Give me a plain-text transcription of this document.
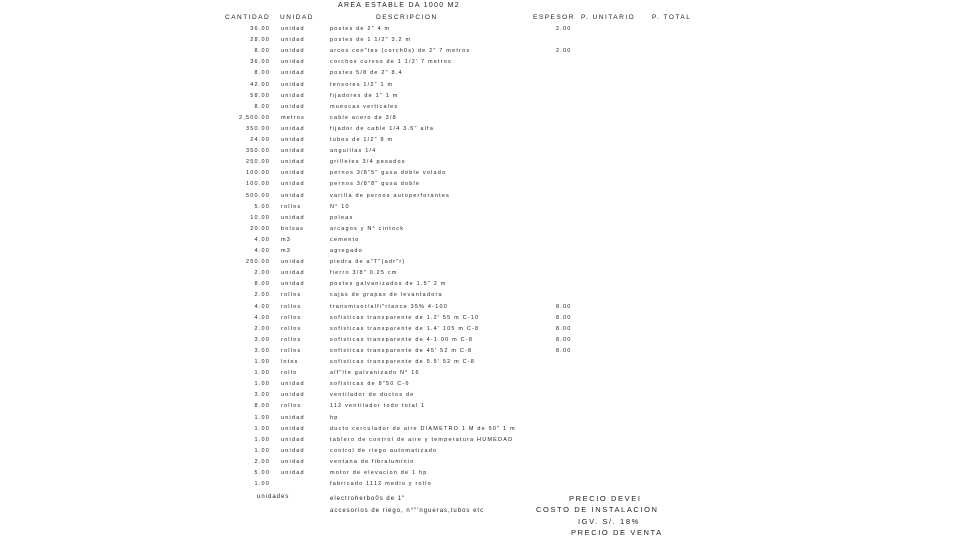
AREA ESTABLE DA 1000 M2
CANTIDAD UNIDAD	DESCRIPCION	ESPESOR P. UNITARIO	P. TOTAL
36.00 unidad	postes de 2" 4 m	2.00
28.00 unidad	postes de 1 1/2" 3.2 m
8.00 unidad	arcos cen"tes (corch0s) de 2" 7 metros	2.00
36.00 unidad	corchos curvos de 1 1/2' 7 metros
8.00 unidad	postes 5/8 de 2" 8.4
42.00 unidad	tensores 1/2" 1 m
58.00 unidad	fijadores de 1" 1 m
8.00 unidad	muescas verticales
2,500.00 metros	cable acero de 3/8
350.00 unidad	fijador de cable 1/4 3.5" alfa
24.00 unidad	tubos de 1/2" 8 m
350.00 unidad	anguillas 1/4
250.00 unidad	grilletes 3/4 pesados
100.00 unidad	pernos 3/8"5" gusa doble volado
100.00 unidad	pernos 3/8"8" gusa doble
500.00 unidad	varilla de pernos autoperforantes
5.00 rollos	N° 10
10.00 unidad	poleas
20.00 bolsas	arcagos y N° cintock
4.00 m3	cemento
4.00 m3	agregado
250.00 unidad	piedra de a"T"(adr"r)
2.00 unidad	fierro 3/8" 0.25 cm
8.00 unidad	postes galvanizados de 1.5" 2 m
2.00 rollos	cajas de grapas de levantadora
4.00 rollos	transmisor/alfi"rtance 35% 4-100	8.00
4.00 rollos	sofisticas transparente de 1.2' 55 m C-10	8.00
2.00 rollos	sofisticas transparente de 1.4' 105 m C-8	8.00
3.00 rollos	sofisticas transparente de 4-1.00 m C-8	8.00
3.00 rollos	sofisticas transparente de 45' 52 m C-8	8.00
1.00 lotes	sofisticas transparente de 5.5' 52 m C-8
1.00 rollo	alf"lte galvanizado N° 16
1.00 unidad	sofisticas de 8"50 C-6
3.00 unidad	ventilador de ductos de
8.00 rollos	112 ventilador todo total 1
1.00 unidad	hp
1.00 unidad	ducto cerculador de aire DIAMETRO 1 M de 50" 1 m
1.00 unidad	tablero de control de aire y temperatura HUMEDAD
1.00 unidad	control de riego automatizado
2.00 unidad	ventana de fibraluminio
5.00 unidad	motor de elevacion de 1 hp
1.00	fabricado 1112 medio y rollo
unidades	electroherbo0s de 1"
accesorios de riego, n°"'ngueras,tubos etc
PRECIO DEVEI
COSTO DE INSTALACION
IGV. S/. 18%
PRECIO DE VENTA
